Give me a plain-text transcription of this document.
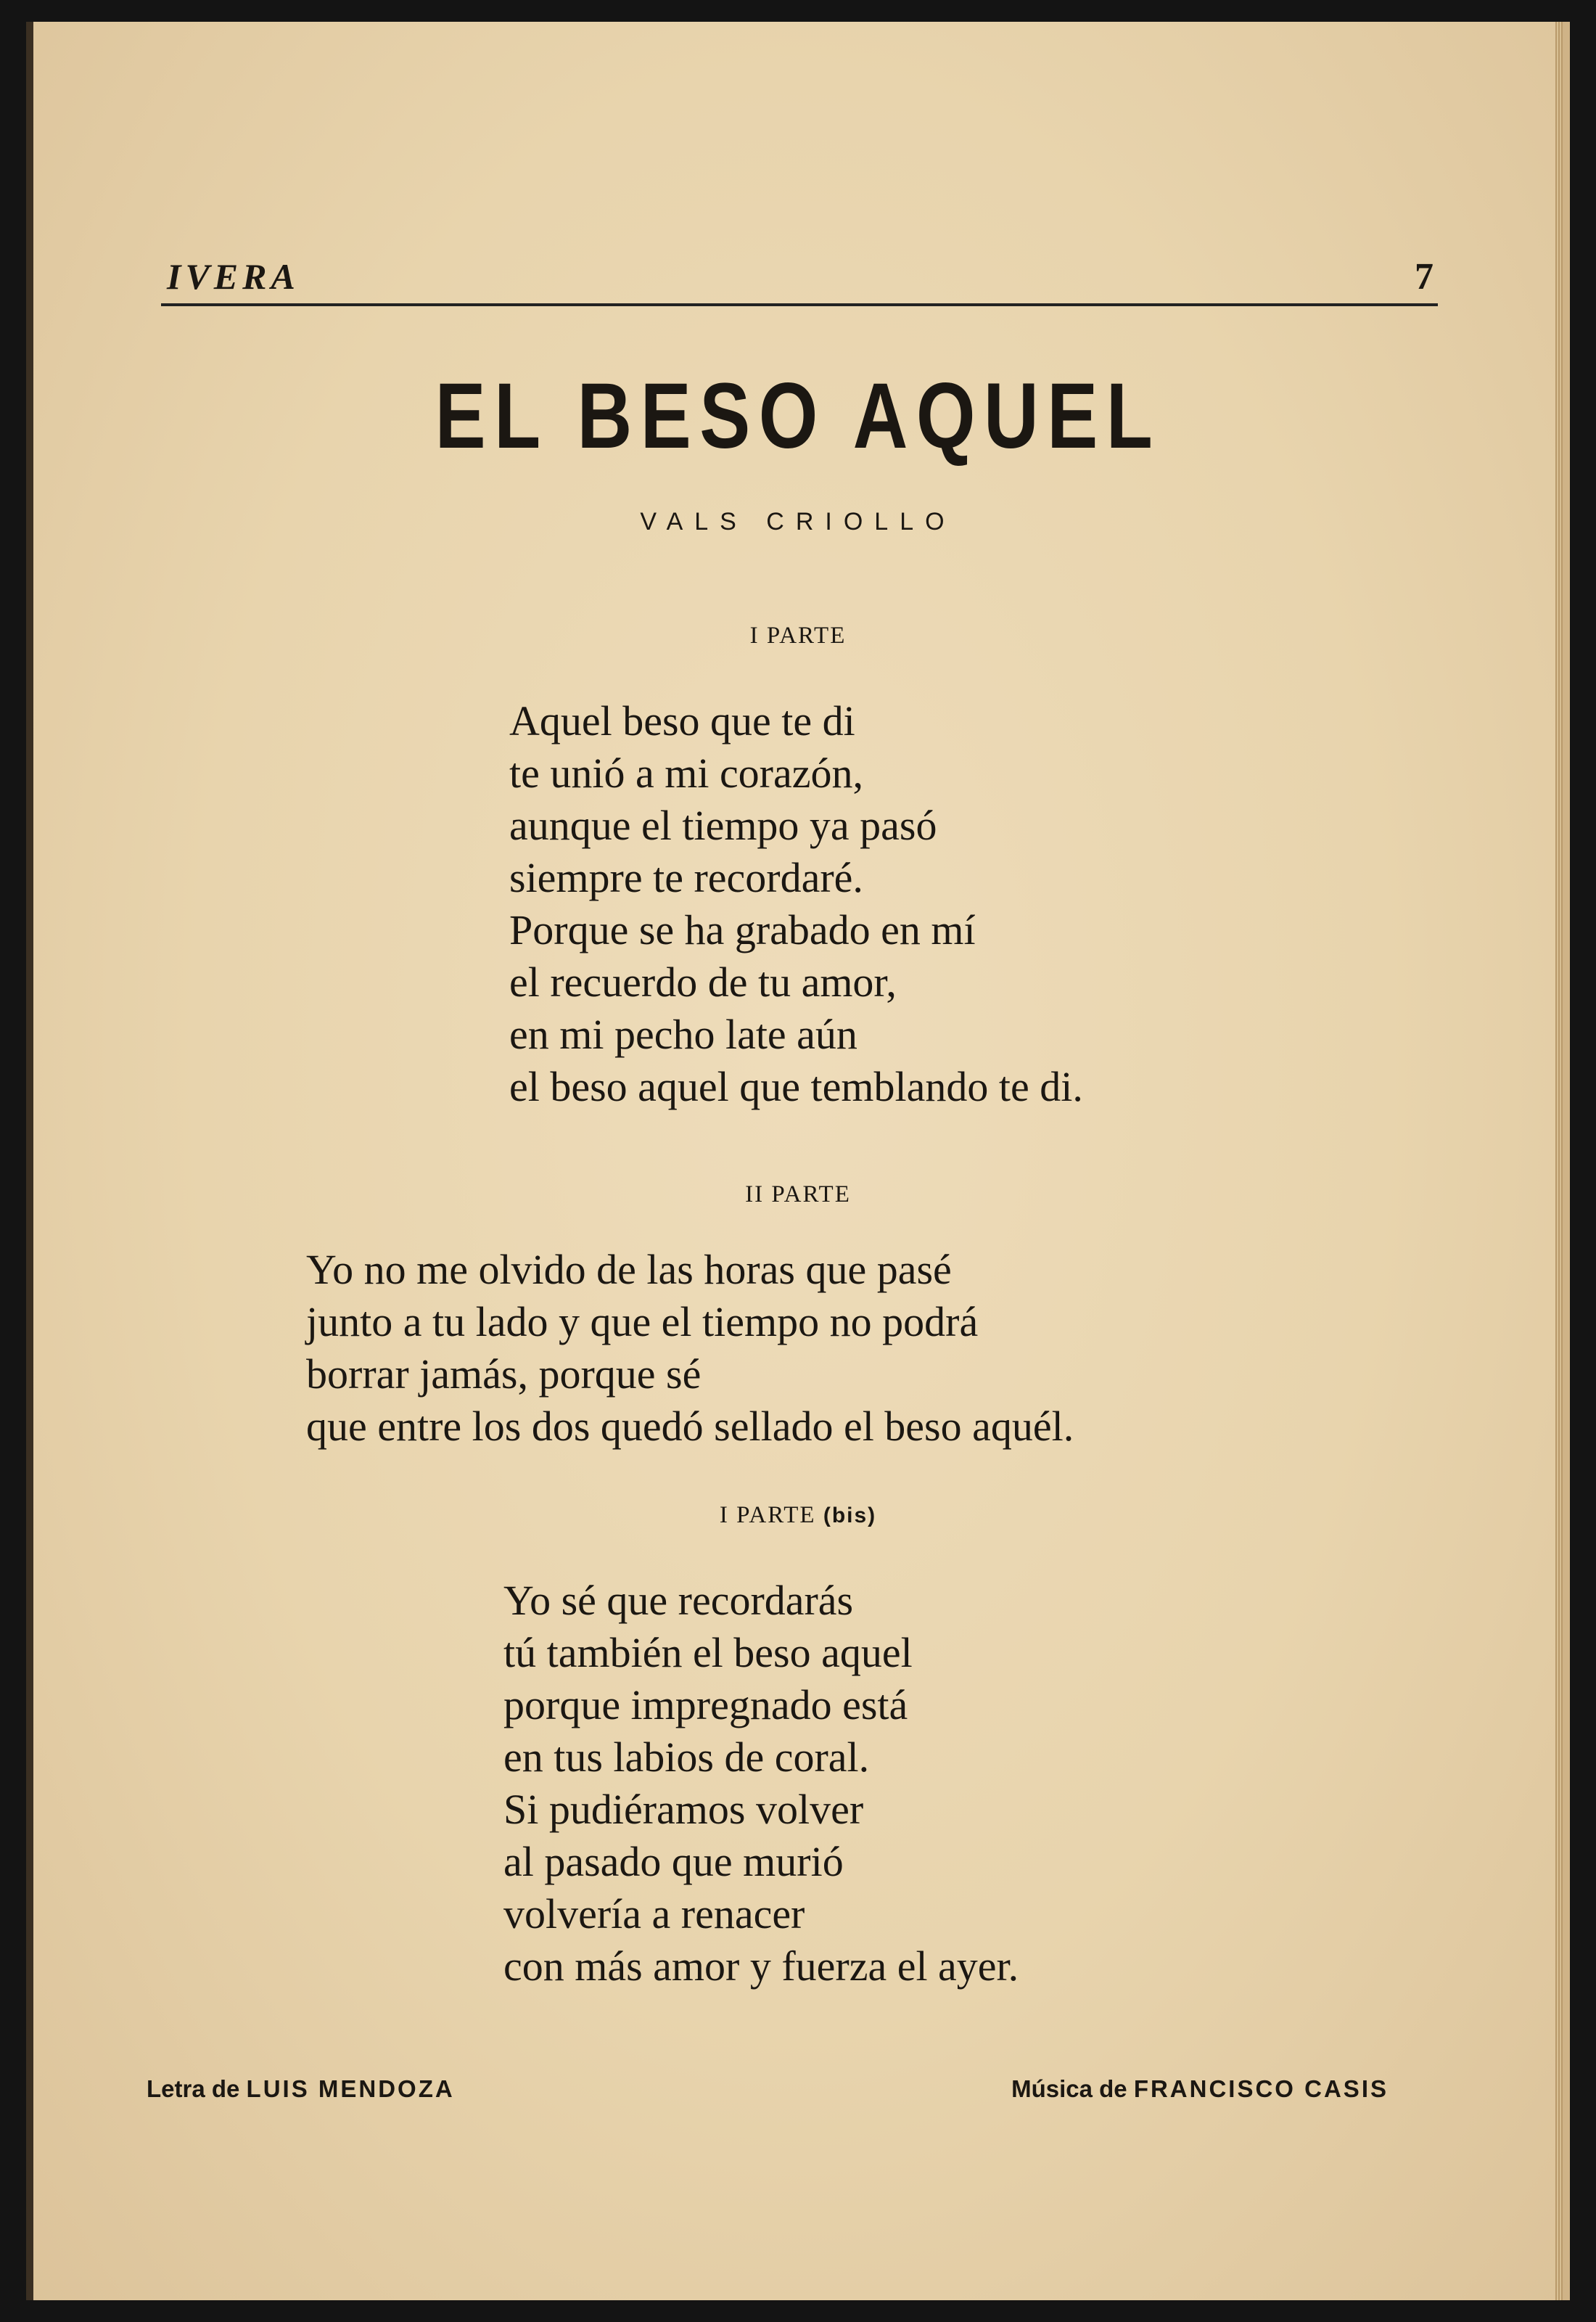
IVERA	7
EL BESO AQUEL
VALS CRIOLLO
I PARTE
Aquel beso que te di
te unió a mi corazón,
aunque el tiempo ya pasó
siempre te recordaré.
Porque se ha grabado en mí
el recuerdo de tu amor,
en mi pecho late aún
el beso aquel que temblando te di.
II PARTE
Yo no me olvido de las horas que pasé
junto a tu lado y que el tiempo no podrá
borrar jamás, porque sé
que entre los dos quedó sellado el beso aquél.
I PARTE (bis)
Yo sé que recordarás
tú también el beso aquel
porque impregnado está
en tus labios de coral.
Si pudiéramos volver
al pasado que murió
volvería a renacer
con más amor y fuerza el ayer.
Letra de LUIS MENDOZA	Música de FRANCISCO CASIS
